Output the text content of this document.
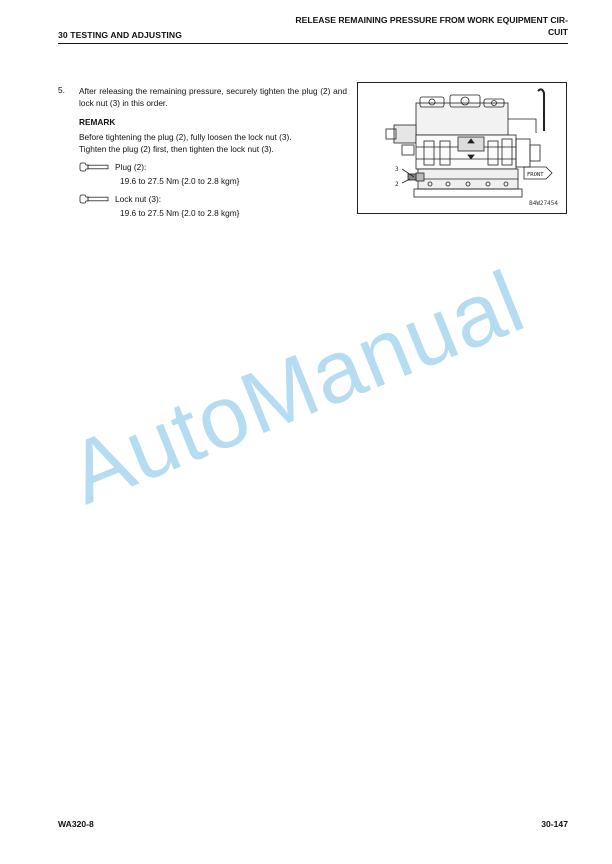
30 TESTING AND ADJUSTING
RELEASE REMAINING PRESSURE FROM WORK EQUIPMENT CIR-
CUIT
5. After releasing the remaining pressure, securely tighten the plug (2) and lock nut (3) in this order.
REMARK
Before tightening the plug (2), fully loosen the lock nut (3).
Tighten the plug (2) first, then tighten the lock nut (3).
Plug (2):
19.6 to 27.5 Nm {2.0 to 2.8 kgm}
Lock nut (3):
19.6 to 27.5 Nm {2.0 to 2.8 kgm}
3
2
FRONT
B4W27454
AutoManual
WA320-8	30-147
